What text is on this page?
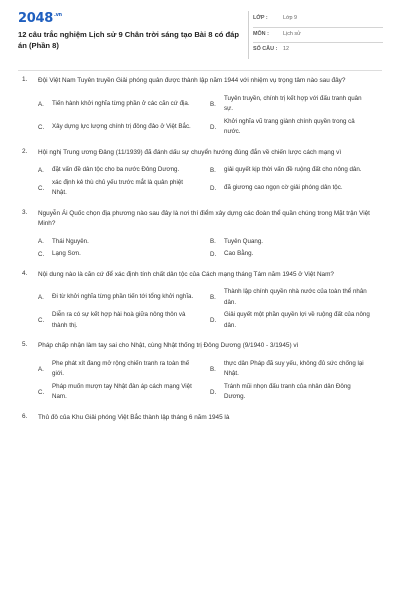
$2048^{.vn}$
12 câu trắc nghiệm Lịch sử 9 Chân trời sáng tạo Bài 8 có đáp án (Phần 8)
LỚP :	Lớp 9
MÔN :	Lịch sử
SỐ CÂU : 12
1. Đội Việt Nam Tuyên truyền Giải phóng quân được thành lập năm 1944 với nhiệm vụ trọng tâm nào sau đây?
A.	Tiến hành khởi nghĩa từng phần ở các căn cứ địa.	B.
Tuyên truyền, chính trị kết hợp với đấu tranh quân sự.
C.	Xây dựng lực lượng chính trị đông đảo ở Việt Bắc.	D.
Khởi nghĩa vũ trang giành chính quyền trong cả nước.
2. Hội nghị Trung ương Đảng (11/1939) đã đánh dấu sự chuyển hướng đúng đắn về chiến lược cách mạng vì
A.	đặt vấn đề dân tộc cho ba nước Đông Dương.	B.	giải quyết kịp thời vấn đề ruộng đất cho nông dân.
C.
xác định kẻ thù chủ yếu trước mắt là quân phiệt Nhật.
D.	đã giương cao ngọn cờ giải phóng dân tộc.
3. Nguyễn Ái Quốc chọn địa phương nào sau đây là nơi thí điểm xây dựng các đoàn thể quần chúng trong Mặt trận Việt Minh?
A.	Thái Nguyên.	B.	Tuyên Quang.
C.	Lạng Sơn.	D.	Cao Bằng.
4. Nội dung nào là căn cứ để xác định tính chất dân tộc của Cách mạng tháng Tám năm 1945 ở Việt Nam?
A.	Đi từ khởi nghĩa từng phần tiến tới tổng khởi nghĩa.	B.
Thành lập chính quyền nhà nước của toàn thể nhân dân.
C.
Diễn ra có sự kết hợp hài hoà giữa nông thôn và thành thị.
D.
Giải quyết một phần quyền lợi về ruộng đất của nông dân.
5. Pháp chấp nhận làm tay sai cho Nhật, cùng Nhật thống trị Đông Dương (9/1940 - 3/1945) vì
A.
Phe phát xít đang mở rộng chiến tranh ra toàn thế giới.
B.
thực dân Pháp đã suy yếu, không đủ sức chống lại Nhật.
C.
Pháp muốn mượn tay Nhật đàn áp cách mạng Việt Nam.
D.
Tránh mũi nhọn đấu tranh của nhân dân Đông Dương.
6. Thủ đô của Khu Giải phóng Việt Bắc thành lập tháng 6 năm 1945 là
